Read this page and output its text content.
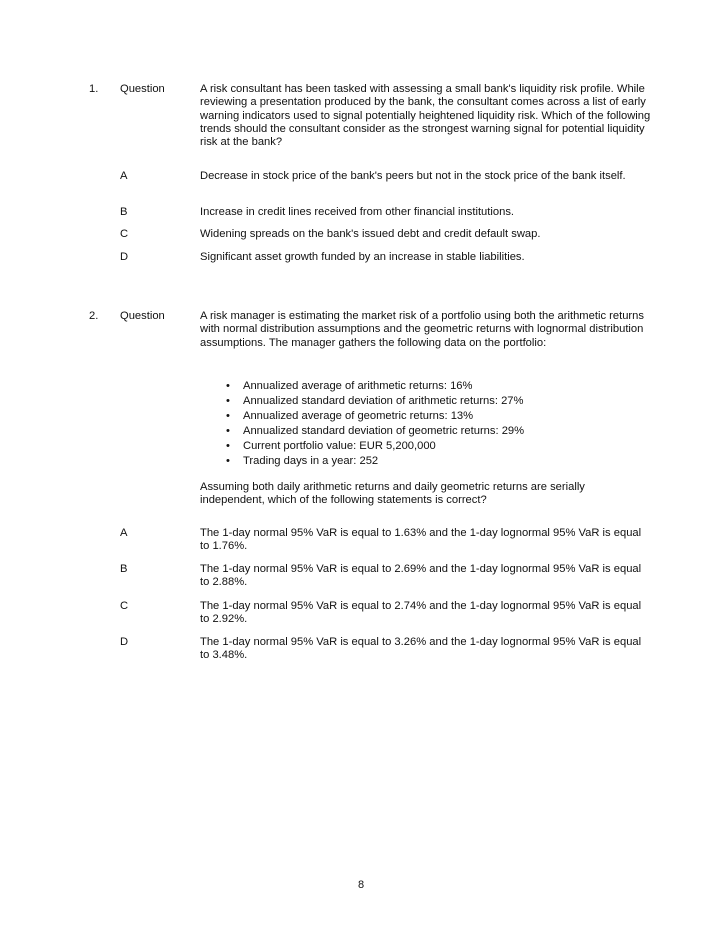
1. Question	A risk consultant has been tasked with assessing a small bank's liquidity risk profile. While reviewing a presentation produced by the bank, the consultant comes across a list of early warning indicators used to signal potentially heightened liquidity risk. Which of the following trends should the consultant consider as the strongest warning signal for potential liquidity risk at the bank?
A	Decrease in stock price of the bank's peers but not in the stock price of the bank itself.
B	Increase in credit lines received from other financial institutions.
C	Widening spreads on the bank's issued debt and credit default swap.
D	Significant asset growth funded by an increase in stable liabilities.
2. Question	A risk manager is estimating the market risk of a portfolio using both the arithmetic returns with normal distribution assumptions and the geometric returns with lognormal distribution assumptions. The manager gathers the following data on the portfolio:
• Annualized average of arithmetic returns: 16%
• Annualized standard deviation of arithmetic returns: 27%
• Annualized average of geometric returns: 13%
• Annualized standard deviation of geometric returns: 29%
• Current portfolio value: EUR 5,200,000
• Trading days in a year: 252
Assuming both daily arithmetic returns and daily geometric returns are serially independent, which of the following statements is correct?
A	The 1-day normal 95% VaR is equal to 1.63% and the 1-day lognormal 95% VaR is equal to 1.76%.
B	The 1-day normal 95% VaR is equal to 2.69% and the 1-day lognormal 95% VaR is equal to 2.88%.
C	The 1-day normal 95% VaR is equal to 2.74% and the 1-day lognormal 95% VaR is equal to 2.92%.
D	The 1-day normal 95% VaR is equal to 3.26% and the 1-day lognormal 95% VaR is equal to 3.48%.
8
